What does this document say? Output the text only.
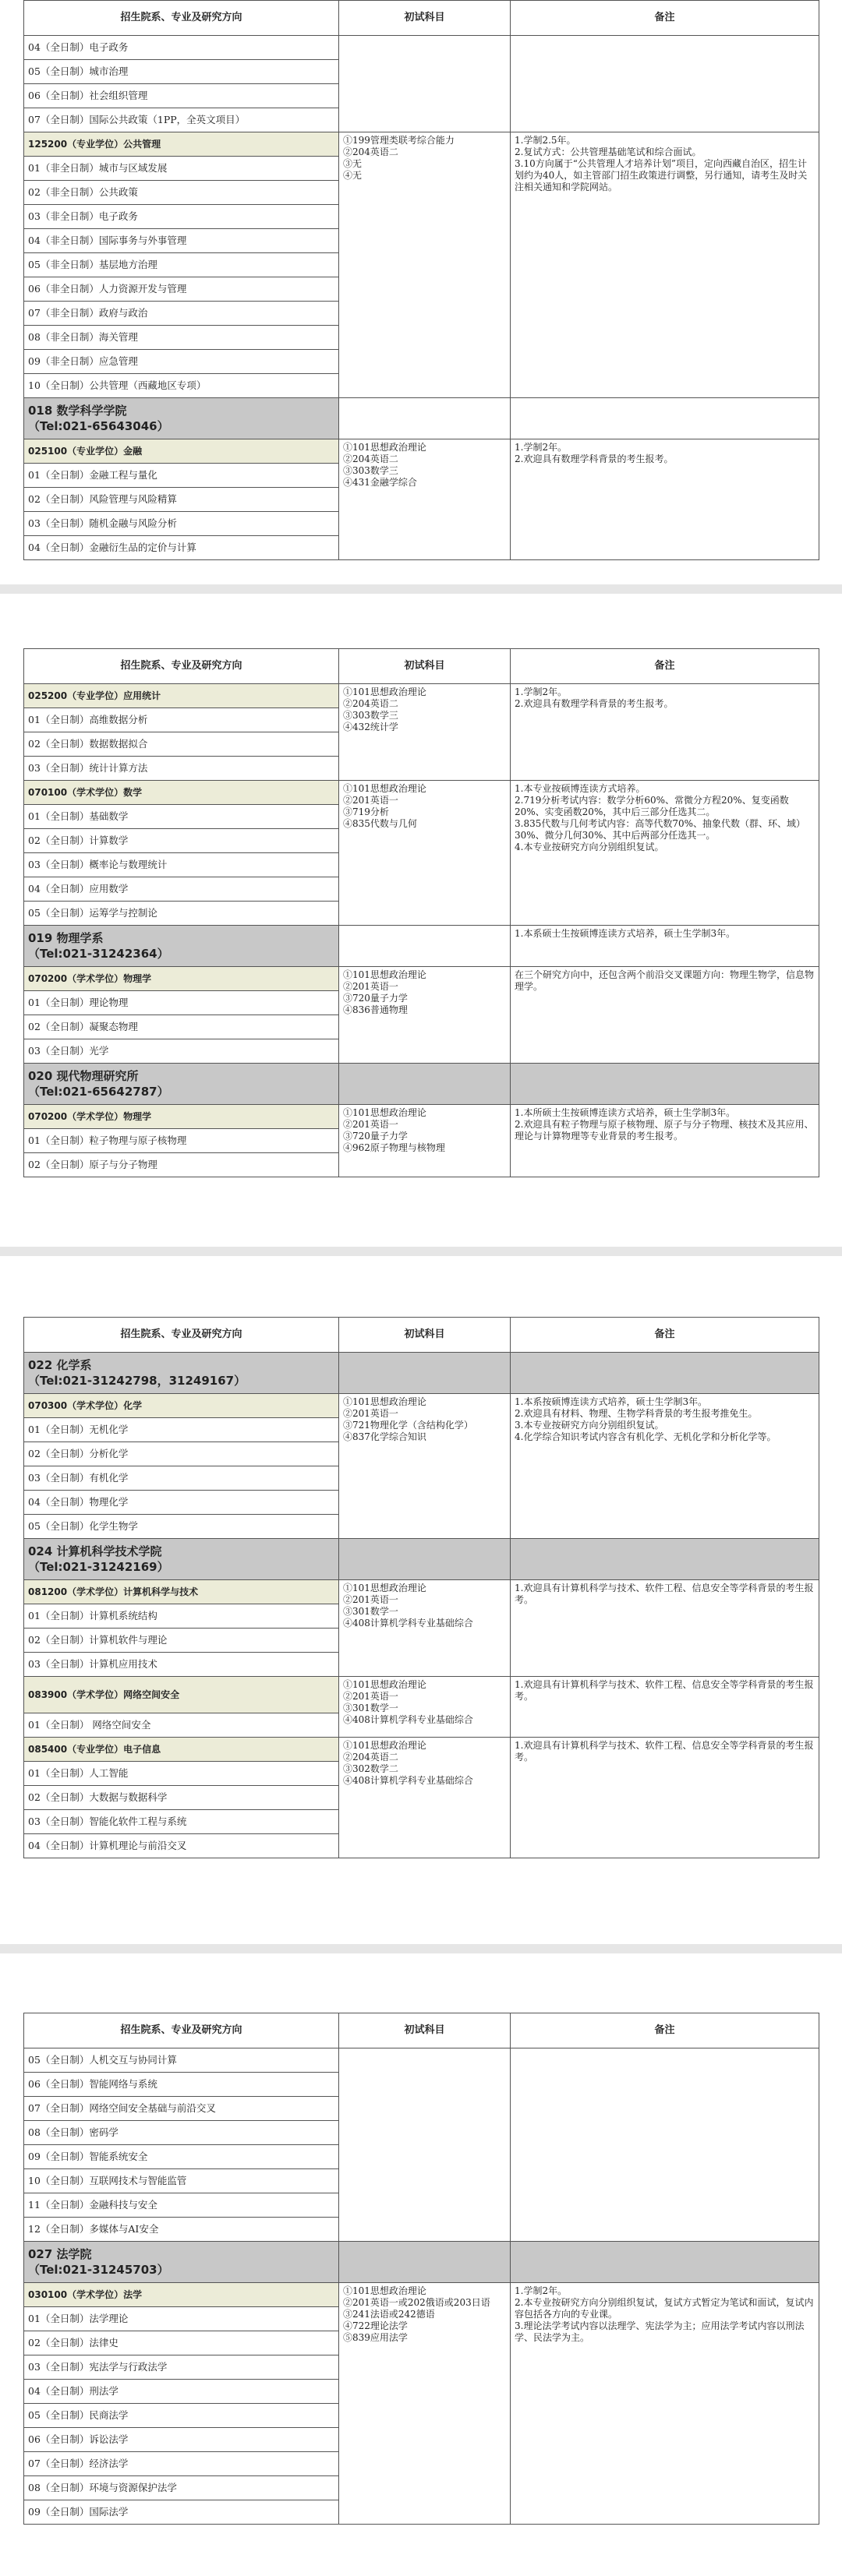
招生院系、专业及研究方向	初试科目	备注
04（全日制）电子政务		
05（全日制）城市治理		
06（全日制）社会组织管理		
07（全日制）国际公共政策（1PP，全英文项目）		
125200（专业学位）公共管理	①199管理类联考综合能力
②204英语二
③无
④无	1.学制2.5年。
2.复试方式：公共管理基础笔试和综合面试。
3.10方向属于“公共管理人才培养计划”项目，定向西藏自治区，招生计划约为40人，如主管部门招生政策进行调整，另行通知，请考生及时关注相关通知和学院网站。

01（非全日制）城市与区域发展		
02（非全日制）公共政策		
03（非全日制）电子政务		
04（非全日制）国际事务与外事管理		
05（非全日制）基层地方治理		
06（非全日制）人力资源开发与管理		
07（非全日制）政府与政治		
08（非全日制）海关管理		
09（非全日制）应急管理		
10（全日制）公共管理（西藏地区专项）		

018 数学科学学院
（Tel:021-65643046）		

025100（专业学位）金融	①101思想政治理论
②204英语二
③303数学三
④431金融学综合	1.学制2年。
2.欢迎具有数理学科背景的考生报考。

01（全日制）金融工程与量化		
02（全日制）风险管理与风险精算		
03（全日制）随机金融与风险分析		
04（全日制）金融衍生品的定价与计算		
招生院系、专业及研究方向	初试科目	备注
025200（专业学位）应用统计	①101思想政治理论
②204英语二
③303数学三
④432统计学	1.学制2年。
2.欢迎具有数理学科背景的考生报考。

01（全日制）高维数据分析		
02（全日制）数据数据拟合		
03（全日制）统计计算方法		
070100（学术学位）数学	①101思想政治理论
②201英语一
③719分析
④835代数与几何	1.本专业按硕博连读方式培养。
2.719分析考试内容：数学分析60%、常微分方程20%、复变函数20%、实变函数20%，其中后三部分任选其二。
3.835代数与几何考试内容：高等代数70%、抽象代数（群、环、域）30%、微分几何30%、其中后两部分任选其一。
4.本专业按研究方向分别组织复试。

01（全日制）基础数学		
02（全日制）计算数学		
03（全日制）概率论与数理统计		
04（全日制）应用数学		
05（全日制）运筹学与控制论		

019 物理学系
（Tel:021-31242364）		1.本系硕士生按硕博连读方式培养，硕士生学制3年。

070200（学术学位）物理学	①101思想政治理论
②201英语一
③720量子力学
④836普通物理	在三个研究方向中，还包含两个前沿交叉课题方向：物理生物学，信息物理学。

01（全日制）理论物理		
02（全日制）凝聚态物理		
03（全日制）光学		

020 现代物理研究所
（Tel:021-65642787）		

070200（学术学位）物理学	①101思想政治理论
②201英语一
③720量子力学
④962原子物理与核物理	1.本所硕士生按硕博连读方式培养，硕士生学制3年。
2.欢迎具有粒子物理与原子核物理、原子与分子物理、核技术及其应用、理论与计算物理等专业背景的考生报考。

01（全日制）粒子物理与原子核物理		
02（全日制）原子与分子物理		
招生院系、专业及研究方向	初试科目	备注

022 化学系
（Tel:021-31242798，31249167）		

070300（学术学位）化学	①101思想政治理论
②201英语一
③721物理化学（含结构化学）
④837化学综合知识	1.本系按硕博连读方式培养，硕士生学制3年。
2.欢迎具有材料、物理、生物学科背景的考生报考推免生。
3.本专业按研究方向分别组织复试。
4.化学综合知识考试内容含有机化学、无机化学和分析化学等。

01（全日制）无机化学		
02（全日制）分析化学		
03（全日制）有机化学		
04（全日制）物理化学		
05（全日制）化学生物学		

024 计算机科学技术学院
（Tel:021-31242169）		

081200（学术学位）计算机科学与技术	①101思想政治理论
②201英语一
③301数学一
④408计算机学科专业基础综合	1.欢迎具有计算机科学与技术、软件工程、信息安全等学科背景的考生报考。

01（全日制）计算机系统结构		
02（全日制）计算机软件与理论		
03（全日制）计算机应用技术		
083900（学术学位）网络空间安全	①101思想政治理论
②201英语一
③301数学一
④408计算机学科专业基础综合	1.欢迎具有计算机科学与技术、软件工程、信息安全等学科背景的考生报考。

01（全日制） 网络空间安全		
085400（专业学位）电子信息	①101思想政治理论
②204英语二
③302数学二
④408计算机学科专业基础综合	1.欢迎具有计算机科学与技术、软件工程、信息安全等学科背景的考生报考。

01（全日制）人工智能		
02（全日制）大数据与数据科学		
03（全日制）智能化软件工程与系统		
04（全日制）计算机理论与前沿交叉		
招生院系、专业及研究方向	初试科目	备注
05（全日制）人机交互与协同计算		
06（全日制）智能网络与系统		
07（全日制）网络空间安全基础与前沿交叉		
08（全日制）密码学		
09（全日制）智能系统安全		
10（全日制）互联网技术与智能监管		
11（全日制）金融科技与安全		
12（全日制）多媒体与AI安全		

027 法学院
（Tel:021-31245703）		

030100（学术学位）法学	①101思想政治理论
②201英语一或202俄语或203日语
③241法语或242德语
④722理论法学
⑤839应用法学	1.学制2年。
2.本专业按研究方向分别组织复试，复试方式暂定为笔试和面试，复试内容包括各方向的专业课。
3.理论法学考试内容以法理学、宪法学为主；应用法学考试内容以刑法学、民法学为主。

01（全日制）法学理论		
02（全日制）法律史		
03（全日制）宪法学与行政法学		
04（全日制）刑法学		
05（全日制）民商法学		
06（全日制）诉讼法学		
07（全日制）经济法学		
08（全日制）环境与资源保护法学		
09（全日制）国际法学		
